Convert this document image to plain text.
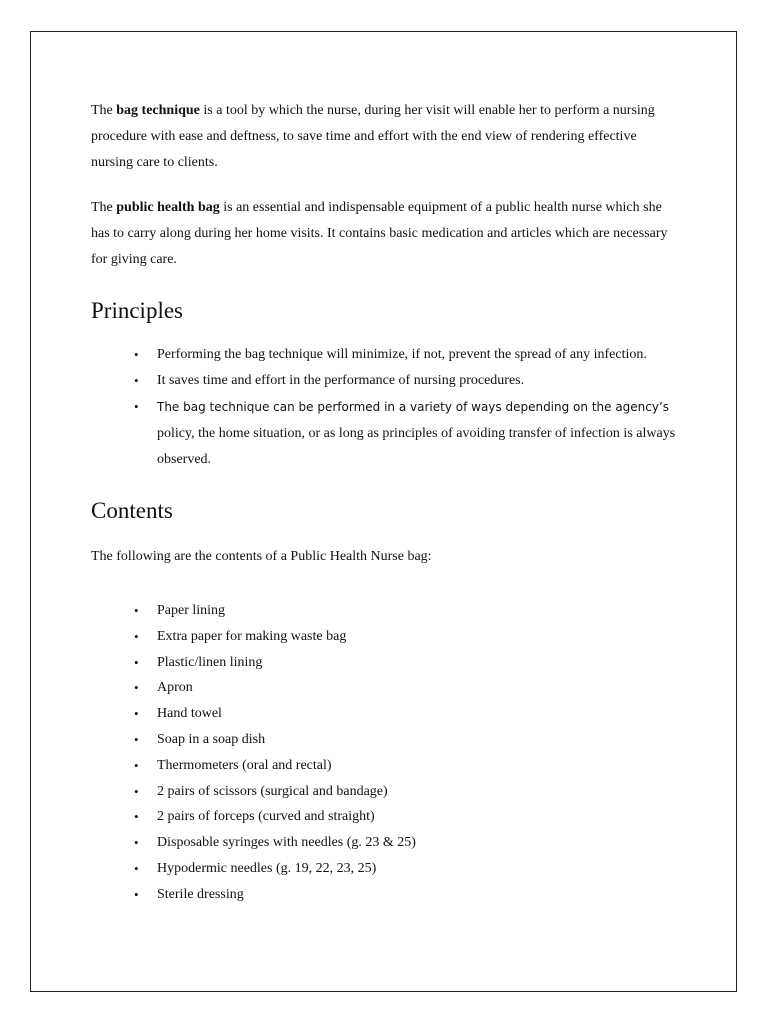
The bag technique is a tool by which the nurse, during her visit will enable her to perform a nursing procedure with ease and deftness, to save time and effort with the end view of rendering effective nursing care to clients.

The public health bag is an essential and indispensable equipment of a public health nurse which she has to carry along during her home visits. It contains basic medication and articles which are necessary for giving care.

Principles
• Performing the bag technique will minimize, if not, prevent the spread of any infection.
• It saves time and effort in the performance of nursing procedures.
• The bag technique can be performed in a variety of ways depending on the agency’s
policy, the home situation, or as long as principles of avoiding transfer of infection is always observed.
Contents

The following are the contents of a Public Health Nurse bag:

• Paper lining
• Extra paper for making waste bag
• Plastic/linen lining
• Apron
• Hand towel
• Soap in a soap dish
• Thermometers (oral and rectal)
• 2 pairs of scissors (surgical and bandage)
• 2 pairs of forceps (curved and straight)
• Disposable syringes with needles (g. 23 & 25)
• Hypodermic needles (g. 19, 22, 23, 25)
• Sterile dressing
